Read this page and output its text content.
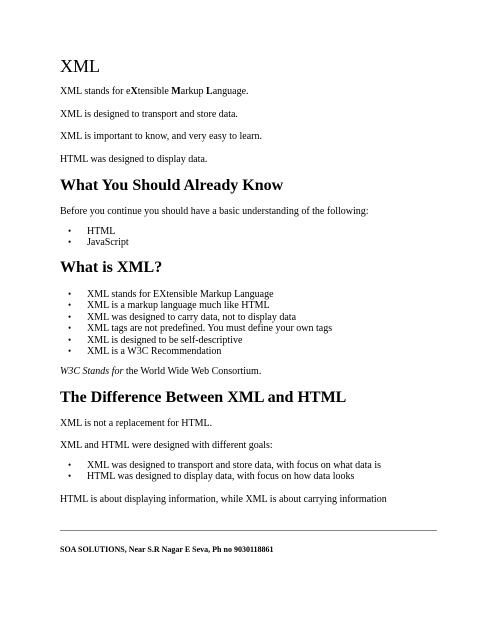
XML
XML stands for eXtensible Markup Language.
XML is designed to transport and store data.
XML is important to know, and very easy to learn.
HTML was designed to display data.
What You Should Already Know
Before you continue you should have a basic understanding of the following:
• HTML
• JavaScript
What is XML?
• XML stands for EXtensible Markup Language
• XML is a markup language much like HTML
• XML was designed to carry data, not to display data
• XML tags are not predefined. You must define your own tags
• XML is designed to be self-descriptive
• XML is a W3C Recommendation
W3C Stands for the World Wide Web Consortium.
The Difference Between XML and HTML
XML is not a replacement for HTML.
XML and HTML were designed with different goals:
• XML was designed to transport and store data, with focus on what data is
• HTML was designed to display data, with focus on how data looks
HTML is about displaying information, while XML is about carrying information
SOA SOLUTIONS, Near S.R Nagar E Seva, Ph no 9030118861
